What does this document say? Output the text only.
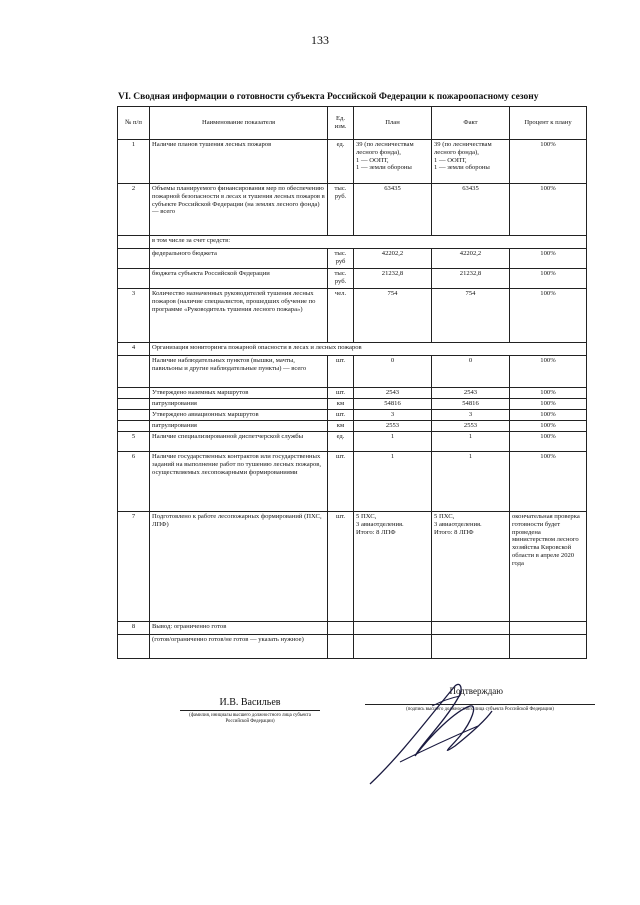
133
VI. Сводная информации о готовности субъекта Российской Федерации к пожароопасному сезону
№ п/п	Наименование показателя	Ед. изм.	План	Факт	Процент к плану
1	Наличие планов тушения лесных пожаров	ед.	39 (по лесничествам лесного фонда),
1 — ООПТ,
1 — земли обороны	39 (по лесничествам лесного фонда),
1 — ООПТ,
1 — земли обороны	100%
2	Объемы планируемого финансирования мер по обеспечению пожарной безопасности в лесах и тушения лесных пожаров в субъекте Российской Федерации (на землях лесного фонда) — всего	тыс. руб.	63435	63435	100%
	в том числе за счет средств:				
	федерального бюджета	тыс. руб	42202,2	42202,2	100%
	бюджета субъекта Российской Федерации	тыс. руб.	21232,8	21232,8	100%
3	Количество назначенных руководителей тушения лесных пожаров (наличие специалистов, прошедших обучение по программе «Руководитель тушения лесного пожара»)	чел.	754	754	100%
4	Организация мониторинга пожарной опасности в лесах и лесных пожаров				
	Наличие наблюдательных пунктов (вышки, мачты, павильоны и другие наблюдательные пункты) — всего	шт.	0	0	100%
	Утверждено наземных маршрутов	шт.	2543	2543	100%
	патрулирования	км	54816	54816	100%
	Утверждено авиационных маршрутов	шт.	3	3	100%
	патрулирования	км	2553	2553	100%
5	Наличие специализированной диспетчерской службы	ед.	1	1	100%
6	Наличие государственных контрактов или государственных заданий на выполнение работ по тушению лесных пожаров, осуществляемых лесопожарными формированиями	шт.	1	1	100%
7	Подготовлено к работе лесопожарных формирований (ПХС, ЛПФ)	шт.	5 ПХС,
3 авиаотделения.
Итого: 8 ЛПФ	5 ПХС,
3 авиаотделения.
Итого: 8 ЛПФ	окончательная проверка готовности будет проведена министерством лесного хозяйства Кировской области в апреле 2020 года
8	Вывод: ограниченно готов				
	(готов/ограниченно готов/не готов — указать нужное)				
И.В. Васильев
(фамилия, инициалы высшего должностного лица субъекта Российской Федерации)
Подтверждаю
(подпись высшего должностного лица субъекта Российской Федерации)
